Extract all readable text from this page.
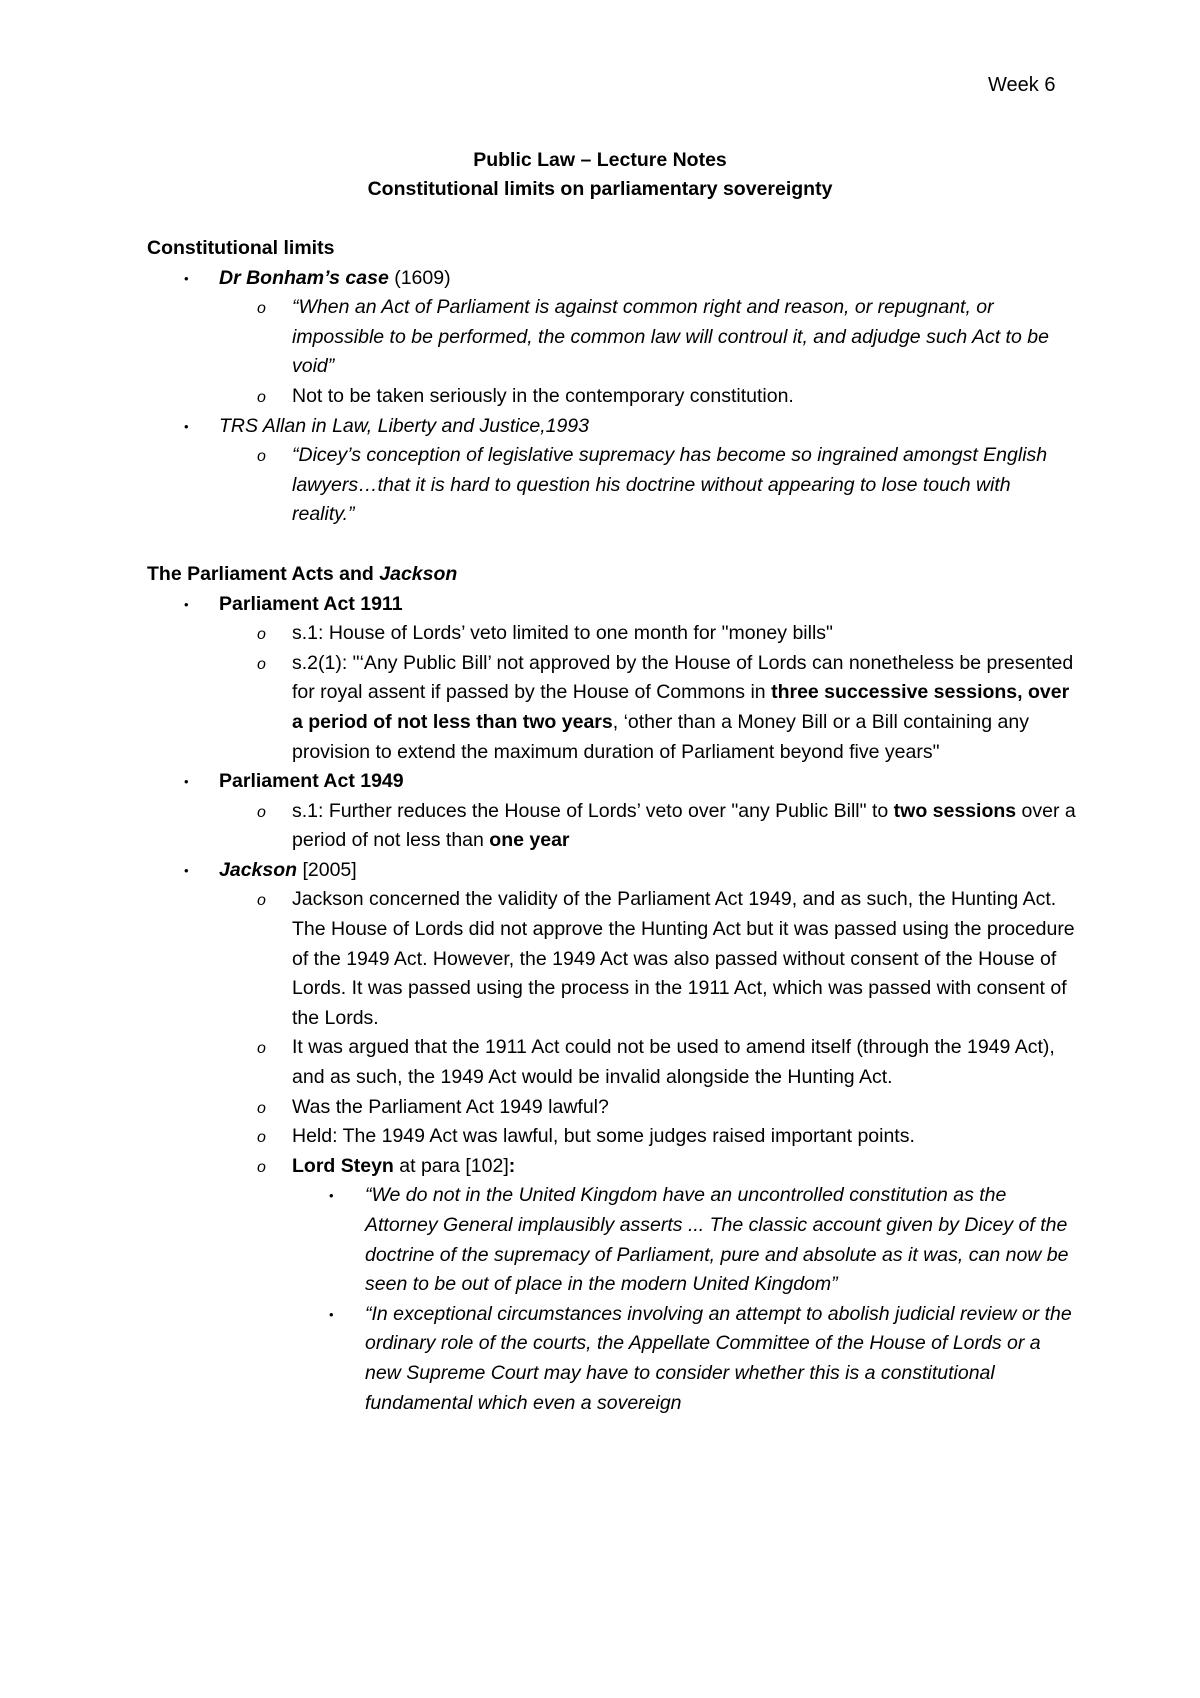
Week 6
Public Law – Lecture Notes
Constitutional limits on parliamentary sovereignty
Constitutional limits
• Dr Bonham’s case (1609)
o “When an Act of Parliament is against common right and reason, or repugnant, or impossible to be performed, the common law will controul it, and adjudge such Act to be void”
o Not to be taken seriously in the contemporary constitution.
• TRS Allan in Law, Liberty and Justice,1993
o “Dicey’s conception of legislative supremacy has become so ingrained amongst English lawyers…that it is hard to question his doctrine without appearing to lose touch with reality.”
The Parliament Acts and Jackson
• Parliament Act 1911
o s.1: House of Lords’ veto limited to one month for "money bills"
o s.2(1): "‘Any Public Bill’ not approved by the House of Lords can nonetheless be presented for royal assent if passed by the House of Commons in three successive sessions, over a period of not less than two years, ‘other than a Money Bill or a Bill containing any provision to extend the maximum duration of Parliament beyond five years"
• Parliament Act 1949
o s.1: Further reduces the House of Lords’ veto over "any Public Bill" to two sessions over a period of not less than one year
• Jackson [2005]
o Jackson concerned the validity of the Parliament Act 1949, and as such, the Hunting Act. The House of Lords did not approve the Hunting Act but it was passed using the procedure of the 1949 Act. However, the 1949 Act was also passed without consent of the House of Lords. It was passed using the process in the 1911 Act, which was passed with consent of the Lords.
o It was argued that the 1911 Act could not be used to amend itself (through the 1949 Act), and as such, the 1949 Act would be invalid alongside the Hunting Act.
o Was the Parliament Act 1949 lawful?
o Held: The 1949 Act was lawful, but some judges raised important points.
o Lord Steyn at para [102]:
• “We do not in the United Kingdom have an uncontrolled constitution as the Attorney General implausibly asserts ... The classic account given by Dicey of the doctrine of the supremacy of Parliament, pure and absolute as it was, can now be seen to be out of place in the modern United Kingdom”
• “In exceptional circumstances involving an attempt to abolish judicial review or the ordinary role of the courts, the Appellate Committee of the House of Lords or a new Supreme Court may have to consider whether this is a constitutional fundamental which even a sovereign
